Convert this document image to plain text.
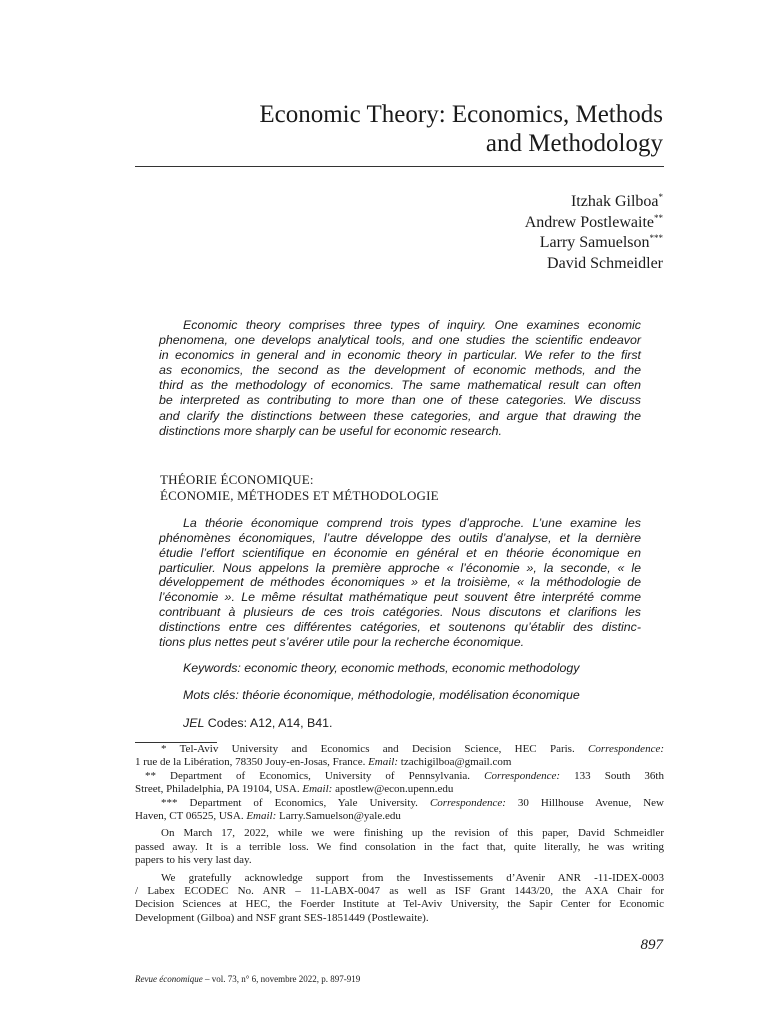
Economic Theory: Economics, Methods
and Methodology
Itzhak Gilboa*
Andrew Postlewaite**
Larry Samuelson***
David Schmeidler

Economic theory comprises three types of inquiry. One examines economic
phenomena, one develops analytical tools, and one studies the scientific endeavor
in economics in general and in economic theory in particular. We refer to the first
as economics, the second as the development of economic methods, and the
third as the methodology of economics. The same mathematical result can often
be interpreted as contributing to more than one of these categories. We discuss
and clarify the distinctions between these categories, and argue that drawing the
distinctions more sharply can be useful for economic research.

THÉORIE ÉCONOMIQUE:
ÉCONOMIE, MÉTHODES ET MÉTHODOLOGIE

La théorie économique comprend trois types d’approche. L’une examine les
phénomènes économiques, l’autre développe des outils d’analyse, et la dernière
étudie l’effort scientifique en économie en général et en théorie économique en
particulier. Nous appelons la première approche « l’économie », la seconde, « le
développement de méthodes économiques » et la troisième, « la méthodologie de
l’économie ». Le même résultat mathématique peut souvent être interprété comme
contribuant à plusieurs de ces trois catégories. Nous discutons et clarifions les
distinctions entre ces différentes catégories, et soutenons qu’établir des distinc-
tions plus nettes peut s’avérer utile pour la recherche économique.

Keywords: economic theory, economic methods, economic methodology
Mots clés: théorie économique, méthodologie, modélisation économique
JEL Codes: A12, A14, B41.
* Tel-Aviv University and Economics and Decision Science, HEC Paris. Correspondence:
1 rue de la Libération, 78350 Jouy-en-Josas, France. Email: tzachigilboa@gmail.com
** Department of Economics, University of Pennsylvania. Correspondence: 133 South 36th
Street, Philadelphia, PA 19104, USA. Email: apostlew@econ.upenn.edu
*** Department of Economics, Yale University. Correspondence: 30 Hillhouse Avenue, New
Haven, CT 06525, USA. Email: Larry.Samuelson@yale.edu
On March 17, 2022, while we were finishing up the revision of this paper, David Schmeidler
passed away. It is a terrible loss. We find consolation in the fact that, quite literally, he was writing
papers to his very last day.
We gratefully acknowledge support from the Investissements d’Avenir ANR -11-IDEX-0003
/ Labex ECODEC No. ANR – 11-LABX-0047 as well as ISF Grant 1443/20, the AXA Chair for
Decision Sciences at HEC, the Foerder Institute at Tel-Aviv University, the Sapir Center for Economic
Development (Gilboa) and NSF grant SES-1851449 (Postlewaite).
897
Revue économique – vol. 73, n° 6, novembre 2022, p. 897-919
